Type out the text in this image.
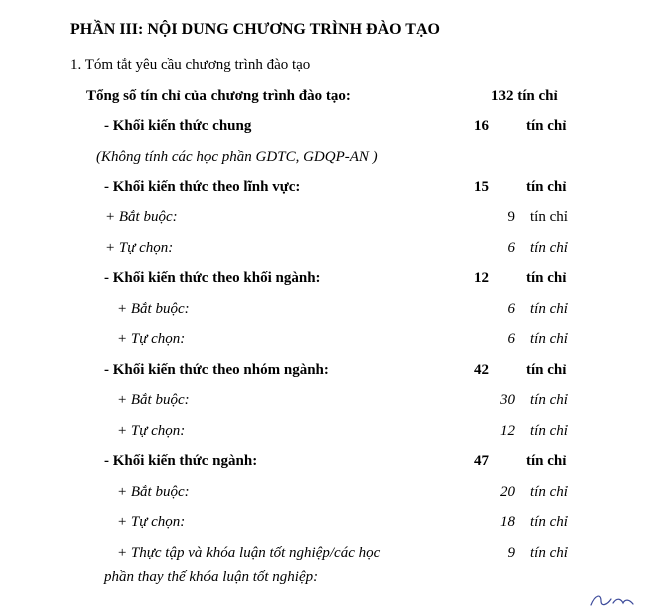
PHẦN III: NỘI DUNG CHƯƠNG TRÌNH ĐÀO TẠO
1. Tóm tắt yêu cầu chương trình đào tạo
Tổng số tín chỉ của chương trình đào tạo:	132 tín chỉ
- Khối kiến thức chung	16 tín chỉ
(Không tính các học phần GDTC, GDQP-AN )
- Khối kiến thức theo lĩnh vực:	15 tín chỉ
+ Bắt buộc:	9 tín chỉ
+ Tự chọn:	6 tín chỉ
- Khối kiến thức theo khối ngành:	12 tín chỉ
+ Bắt buộc:	6 tín chỉ
+ Tự chọn:	6 tín chỉ
- Khối kiến thức theo nhóm ngành:	42 tín chỉ
+ Bắt buộc:	30 tín chỉ
+ Tự chọn:	12 tín chỉ
- Khối kiến thức ngành:	47 tín chỉ
+ Bắt buộc:	20 tín chỉ
+ Tự chọn:	18 tín chỉ
+ Thực tập và khóa luận tốt nghiệp/các học	9 tín chỉ
phần thay thế khóa luận tốt nghiệp:
